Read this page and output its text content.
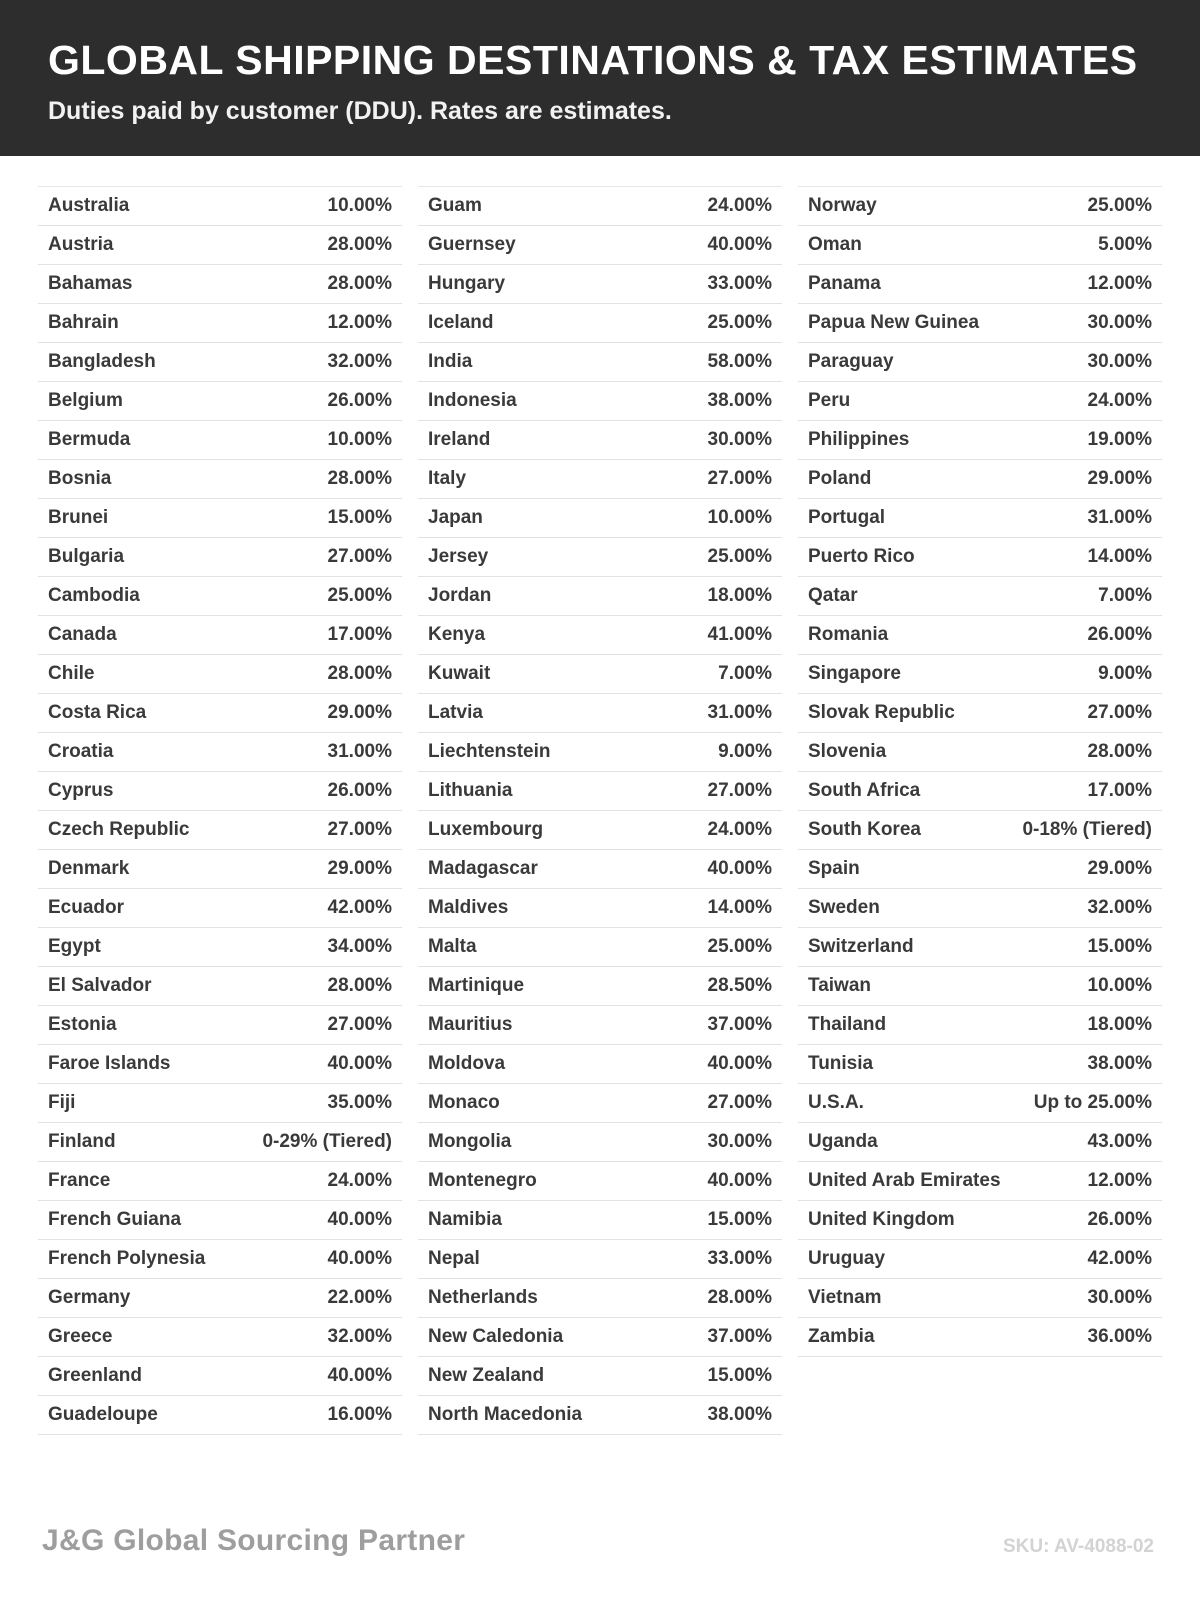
GLOBAL SHIPPING DESTINATIONS & TAX ESTIMATES
Duties paid by customer (DDU). Rates are estimates.
Australia	10.00%
Austria	28.00%
Bahamas	28.00%
Bahrain	12.00%
Bangladesh	32.00%
Belgium	26.00%
Bermuda	10.00%
Bosnia	28.00%
Brunei	15.00%
Bulgaria	27.00%
Cambodia	25.00%
Canada	17.00%
Chile	28.00%
Costa Rica	29.00%
Croatia	31.00%
Cyprus	26.00%
Czech Republic	27.00%
Denmark	29.00%
Ecuador	42.00%
Egypt	34.00%
El Salvador	28.00%
Estonia	27.00%
Faroe Islands	40.00%
Fiji	35.00%
Finland	0-29% (Tiered)
France	24.00%
French Guiana	40.00%
French Polynesia	40.00%
Germany	22.00%
Greece	32.00%
Greenland	40.00%
Guadeloupe	16.00%
Guam	24.00%
Guernsey	40.00%
Hungary	33.00%
Iceland	25.00%
India	58.00%
Indonesia	38.00%
Ireland	30.00%
Italy	27.00%
Japan	10.00%
Jersey	25.00%
Jordan	18.00%
Kenya	41.00%
Kuwait	7.00%
Latvia	31.00%
Liechtenstein	9.00%
Lithuania	27.00%
Luxembourg	24.00%
Madagascar	40.00%
Maldives	14.00%
Malta	25.00%
Martinique	28.50%
Mauritius	37.00%
Moldova	40.00%
Monaco	27.00%
Mongolia	30.00%
Montenegro	40.00%
Namibia	15.00%
Nepal	33.00%
Netherlands	28.00%
New Caledonia	37.00%
New Zealand	15.00%
North Macedonia	38.00%
Norway	25.00%
Oman	5.00%
Panama	12.00%
Papua New Guinea	30.00%
Paraguay	30.00%
Peru	24.00%
Philippines	19.00%
Poland	29.00%
Portugal	31.00%
Puerto Rico	14.00%
Qatar	7.00%
Romania	26.00%
Singapore	9.00%
Slovak Republic	27.00%
Slovenia	28.00%
South Africa	17.00%
South Korea	0-18% (Tiered)
Spain	29.00%
Sweden	32.00%
Switzerland	15.00%
Taiwan	10.00%
Thailand	18.00%
Tunisia	38.00%
U.S.A.	Up to 25.00%
Uganda	43.00%
United Arab Emirates	12.00%
United Kingdom	26.00%
Uruguay	42.00%
Vietnam	30.00%
Zambia	36.00%
J&G Global Sourcing Partner	SKU: AV-4088-02
